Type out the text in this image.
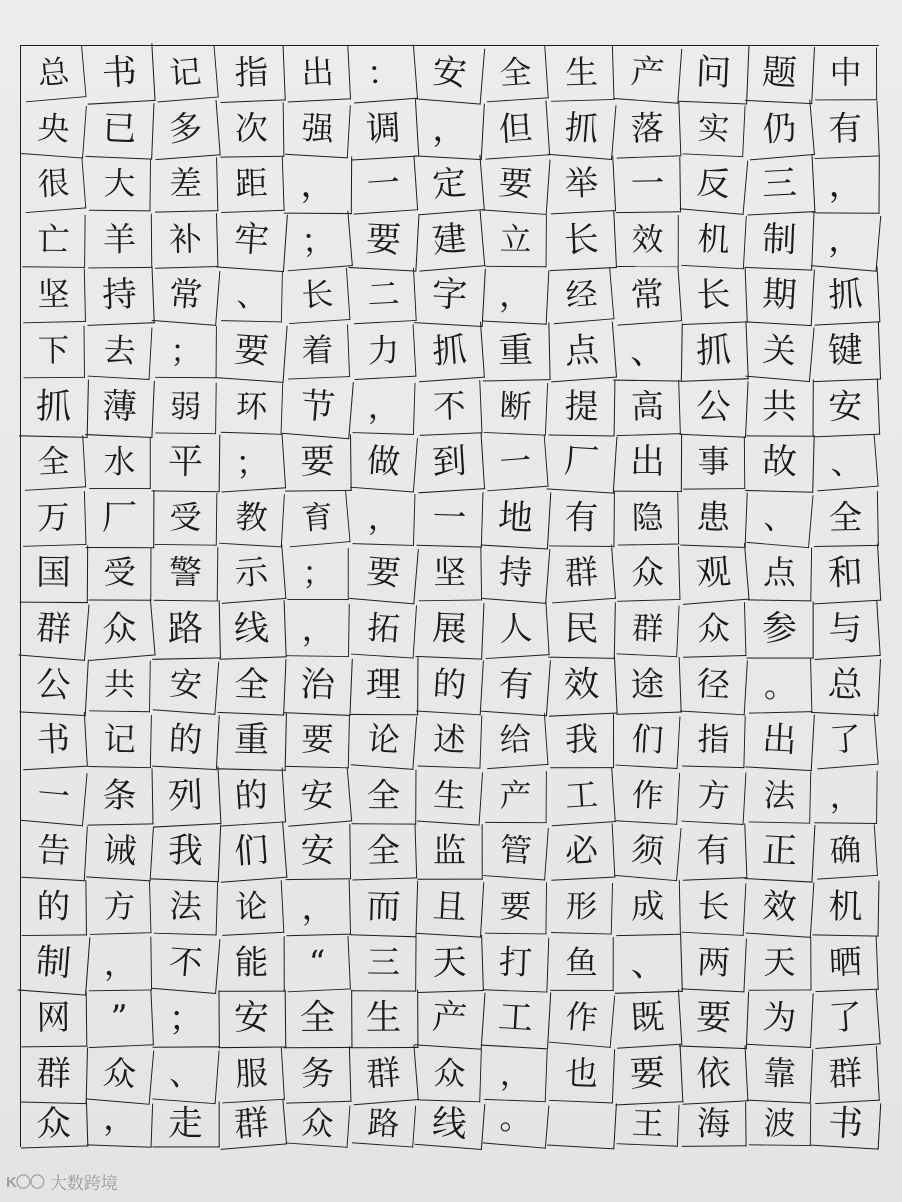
总 书 记 指 出 ： 安 全 生 产 问 题 中
央 已 多 次 强 调 ， 但 抓 落 实 仍 有
很 大 差 距 ， 一 定 要 举 一 反 三 ，
亡 羊 补 牢 ； 要 建 立 长 效 机 制 ，
坚 持 常 、 长 二 字 ， 经 常 长 期 抓
下 去 ； 要 着 力 抓 重 点 、 抓 关 键
抓 薄 弱 环 节 ， 不 断 提 高 公 共 安
全 水 平 ； 要 做 到 一 厂 出 事 故 、
万 厂 受 教 育 ， 一 地 有 隐 患 、 全
国 受 警 示 ； 要 坚 持 群 众 观 点 和
群 众 路 线 ， 拓 展 人 民 群 众 参 与
公 共 安 全 治 理 的 有 效 途 径 。 总
书 记 的 重 要 论 述 给 我 们 指 出 了
一 条 列 的 安 全 生 产 工 作 方 法 ，
告 诫 我 们 安 全 监 管 必 须 有 正 确
的 方 法 论 ， 而 且 要 形 成 长 效 机
制 ， 不 能	“	三 天 打 鱼 、 两 天 晒
网	”	； 安 全 生 产 工 作 既 要 为 了
群 众 、 服 务 群 众 ， 也 要 依 靠 群
众 ， 走 群 众 路 线 。	王 海 波 书
K〇〇 大数跨境
